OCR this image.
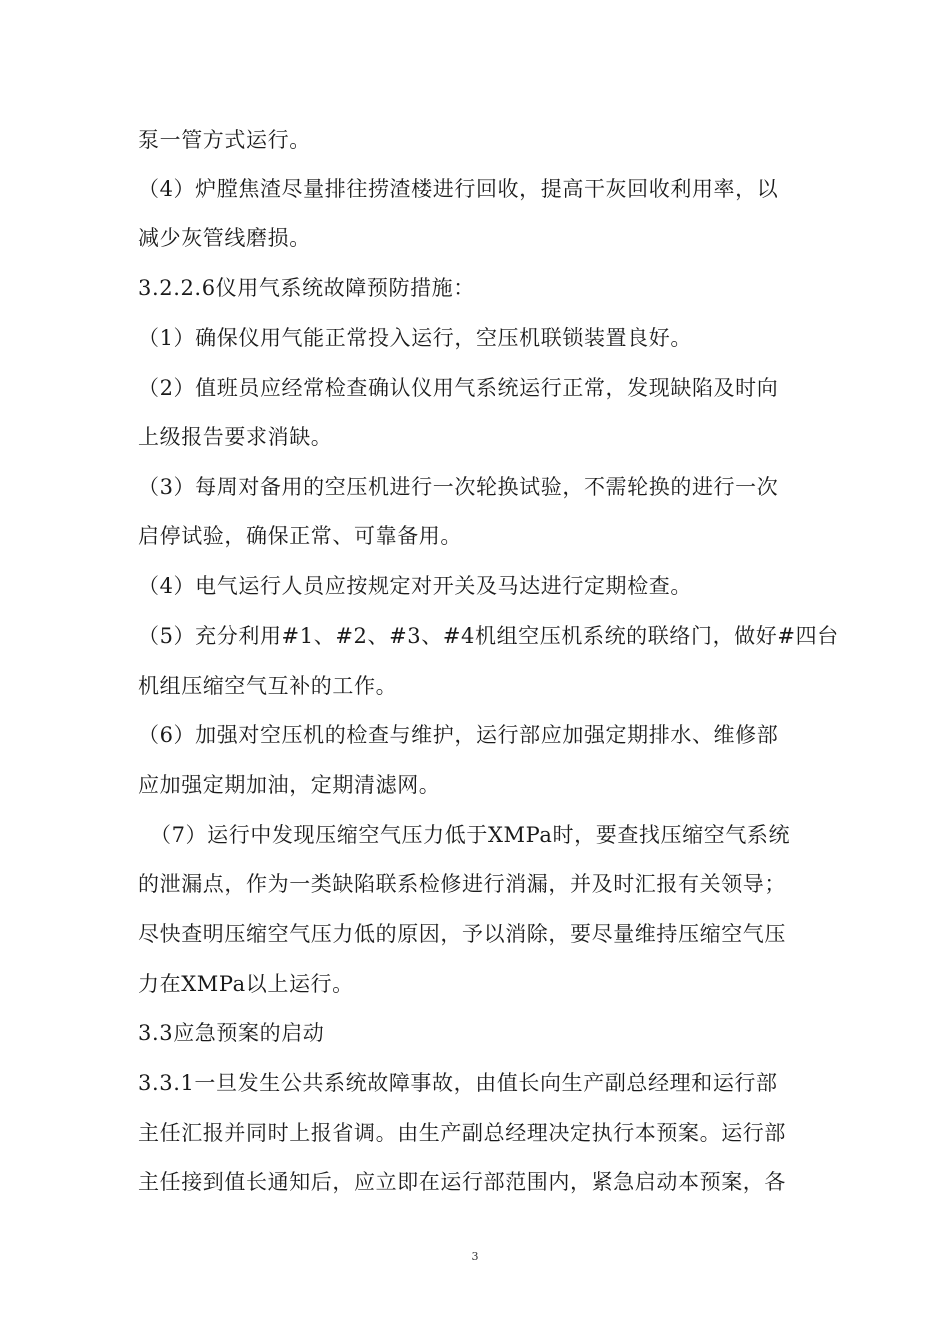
泵一管方式运行。
（4）炉膛焦渣尽量排往捞渣楼进行回收，提高干灰回收利用率，以
减少灰管线磨损。
3.2.2.6仪用气系统故障预防措施：
（1）确保仪用气能正常投入运行，空压机联锁装置良好。
（2）值班员应经常检查确认仪用气系统运行正常，发现缺陷及时向
上级报告要求消缺。
（3）每周对备用的空压机进行一次轮换试验，不需轮换的进行一次
启停试验，确保正常、可靠备用。
（4）电气运行人员应按规定对开关及马达进行定期检查。
（5）充分利用#1、#2、#3、#4机组空压机系统的联络门，做好#四台
机组压缩空气互补的工作。
（6）加强对空压机的检查与维护，运行部应加强定期排水、维修部
应加强定期加油，定期清滤网。
（7）运行中发现压缩空气压力低于XMPa时，要查找压缩空气系统
的泄漏点，作为一类缺陷联系检修进行消漏，并及时汇报有关领导；
尽快查明压缩空气压力低的原因，予以消除，要尽量维持压缩空气压
力在XMPa以上运行。
3.3应急预案的启动
3.3.1一旦发生公共系统故障事故，由值长向生产副总经理和运行部
主任汇报并同时上报省调。由生产副总经理决定执行本预案。运行部
主任接到值长通知后，应立即在运行部范围内，紧急启动本预案，各
3
